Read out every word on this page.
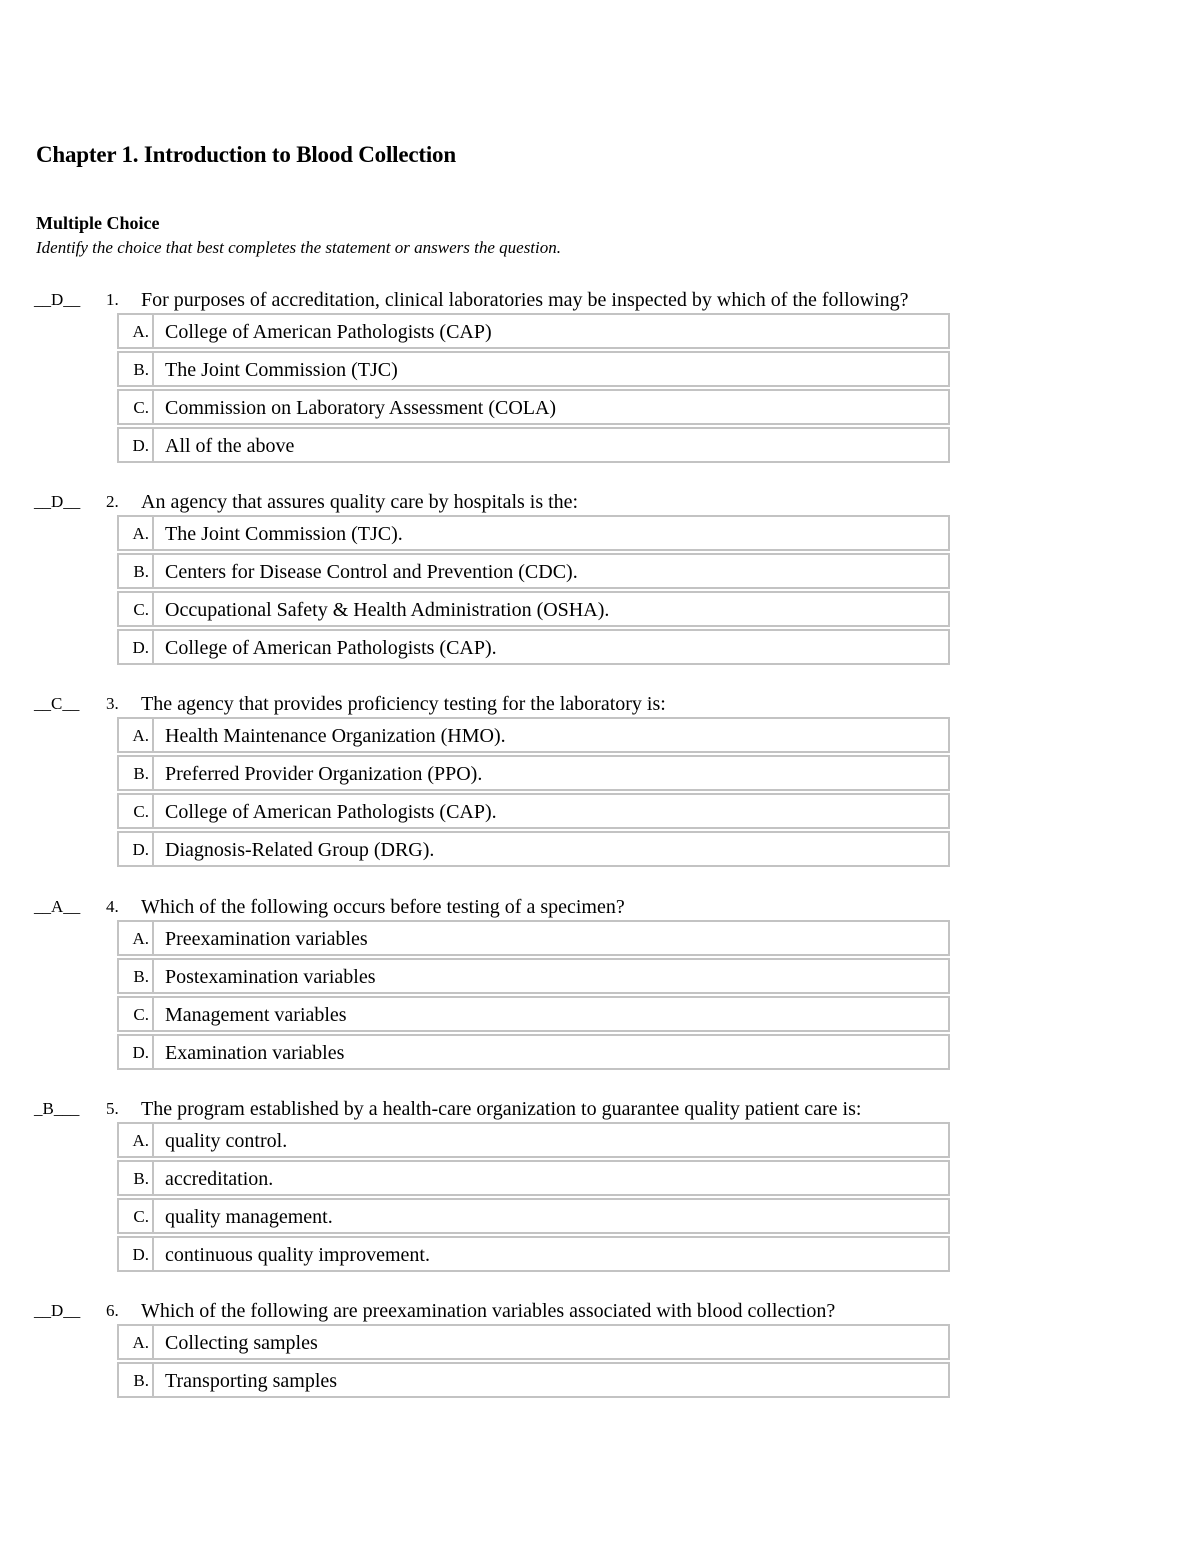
Chapter 1. Introduction to Blood Collection
Multiple Choice

Identify the choice that best completes the statement or answers the question.

__D__ 1. For purposes of accreditation, clinical laboratories may be inspected by which of the following?
A. College of American Pathologists (CAP)
B. The Joint Commission (TJC)
C. Commission on Laboratory Assessment (COLA)
D. All of the above
__D__ 2. An agency that assures quality care by hospitals is the:
A. The Joint Commission (TJC).
B. Centers for Disease Control and Prevention (CDC).
C. Occupational Safety & Health Administration (OSHA).
D. College of American Pathologists (CAP).
__C__ 3. The agency that provides proficiency testing for the laboratory is:
A. Health Maintenance Organization (HMO).
B. Preferred Provider Organization (PPO).
C. College of American Pathologists (CAP).
D. Diagnosis-Related Group (DRG).
__A__ 4. Which of the following occurs before testing of a specimen?
A. Preexamination variables
B. Postexamination variables
C. Management variables
D. Examination variables
_B___ 5. The program established by a health-care organization to guarantee quality patient care is:
A. quality control.
B. accreditation.
C. quality management.
D. continuous quality improvement.
__D__ 6. Which of the following are preexamination variables associated with blood collection?
A. Collecting samples
B. Transporting samples
